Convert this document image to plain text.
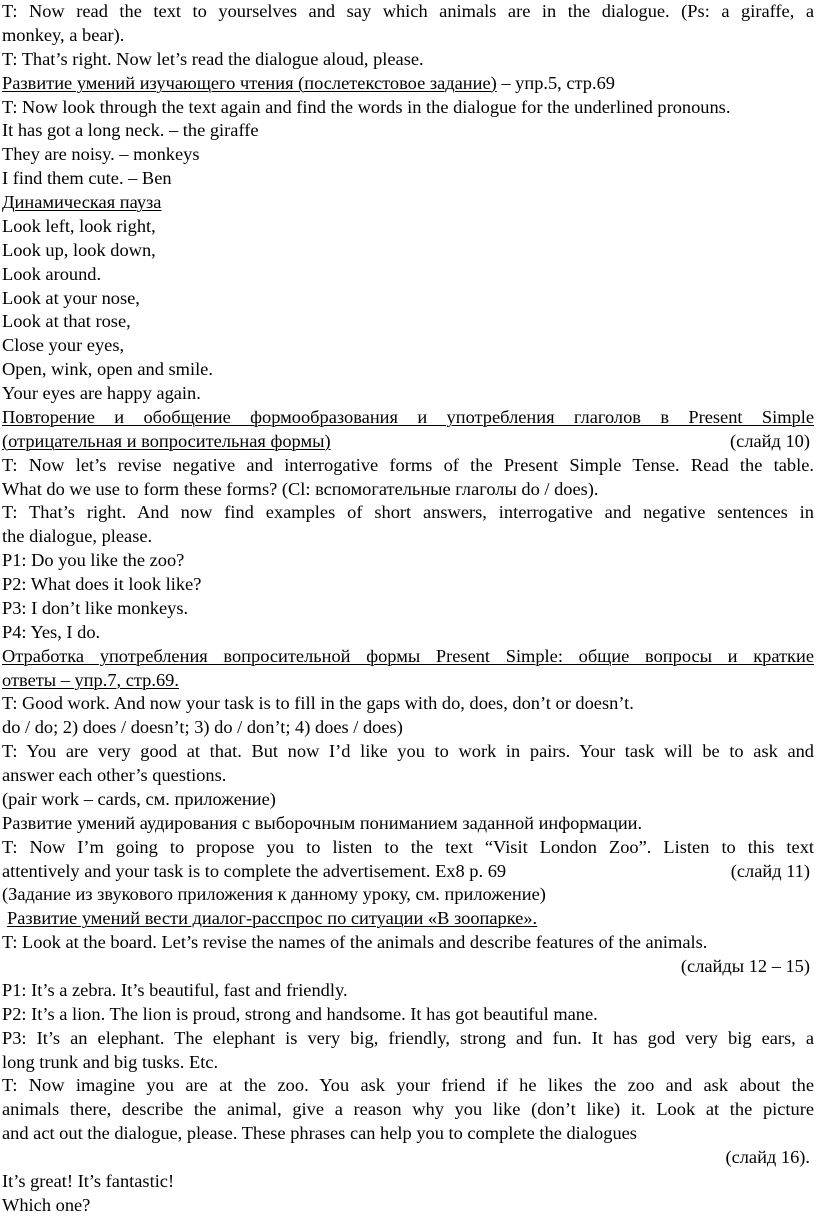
T: Now read the text to yourselves and say which animals are in the dialogue. (Ps: a giraffe, a
monkey, a bear).
T: That’s right. Now let’s read the dialogue aloud, please.
Развитие умений изучающего чтения (послетекстовое задание) – упр.5, стр.69
T: Now look through the text again and find the words in the dialogue for the underlined pronouns.
It has got a long neck. – the giraffe
They are noisy. – monkeys
I find them cute. – Ben
Динамическая пауза
Look left, look right,
Look up, look down,
Look around.
Look at your nose,
Look at that rose,
Close your eyes,
Open, wink, open and smile.
Your eyes are happy again.
Повторение и обобщение формообразования и употребления глаголов в Present Simple
(отрицательная и вопросительная формы)	(слайд 10)
T: Now let’s revise negative and interrogative forms of the Present Simple Tense. Read the table.
What do we use to form these forms? (Cl: вспомогательные глаголы do / does).
T: That’s right. And now find examples of short answers, interrogative and negative sentences in
the dialogue, please.
P1: Do you like the zoo?
P2: What does it look like?
P3: I don’t like monkeys.
P4: Yes, I do.
Отработка употребления вопросительной формы Present Simple: общие вопросы и краткие
ответы – упр.7, стр.69.
T: Good work. And now your task is to fill in the gaps with do, does, don’t or doesn’t.
do / do; 2) does / doesn’t; 3) do / don’t; 4) does / does)
T: You are very good at that. But now I’d like you to work in pairs. Your task will be to ask and
answer each other’s questions.
(pair work – cards, см. приложение)
Развитие умений аудирования с выборочным пониманием заданной информации.
T: Now I’m going to propose you to listen to the text “Visit London Zoo”. Listen to this text
attentively and your task is to complete the advertisement. Ex8 p. 69	(слайд 11)
(Задание из звукового приложения к данному уроку, см. приложение)
Развитие умений вести диалог-расспрос по ситуации «В зоопарке».
T: Look at the board. Let’s revise the names of the animals and describe features of the animals.
(слайды 12 – 15)
P1: It’s a zebra. It’s beautiful, fast and friendly.
P2: It’s a lion. The lion is proud, strong and handsome. It has got beautiful mane.
P3: It’s an elephant. The elephant is very big, friendly, strong and fun. It has god very big ears, a
long trunk and big tusks. Etc.
T: Now imagine you are at the zoo. You ask your friend if he likes the zoo and ask about the
animals there, describe the animal, give a reason why you like (don’t like) it. Look at the picture
and act out the dialogue, please. These phrases can help you to complete the dialogues
(слайд 16).
It’s great! It’s fantastic!
Which one?
